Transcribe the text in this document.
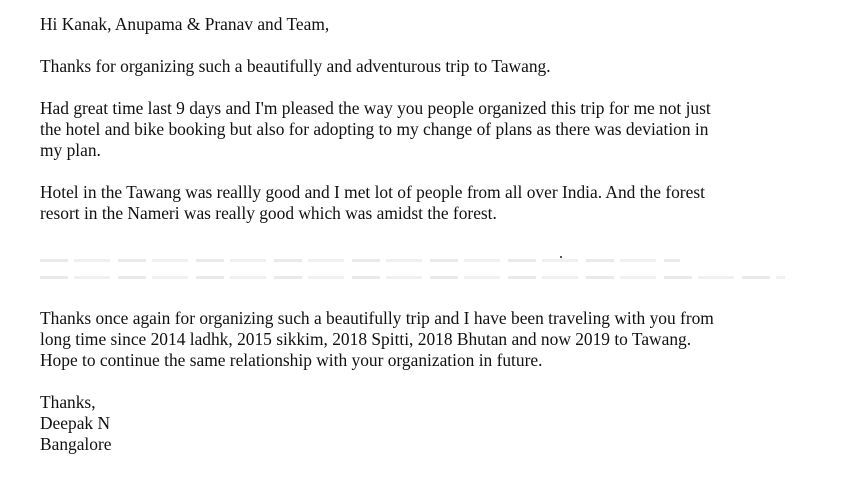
Hi Kanak, Anupama & Pranav and Team,

Thanks for organizing such a beautifully and adventurous trip to Tawang.

Had great time last 9 days and I'm pleased the way you people organized this trip for me not just
the hotel and bike booking but also for adopting to my change of plans as there was deviation in
my plan.

Hotel in the Tawang was reallly good and I met lot of people from all over India. And the forest
resort in the Nameri was really good which was amidst the forest.

Thanks once again for organizing such a beautifully trip and I have been traveling with you from
long time since 2014 ladhk, 2015 sikkim, 2018 Spitti, 2018 Bhutan and now 2019 to Tawang.
Hope to continue the same relationship with your organization in future.

Thanks,
Deepak N
Bangalore
